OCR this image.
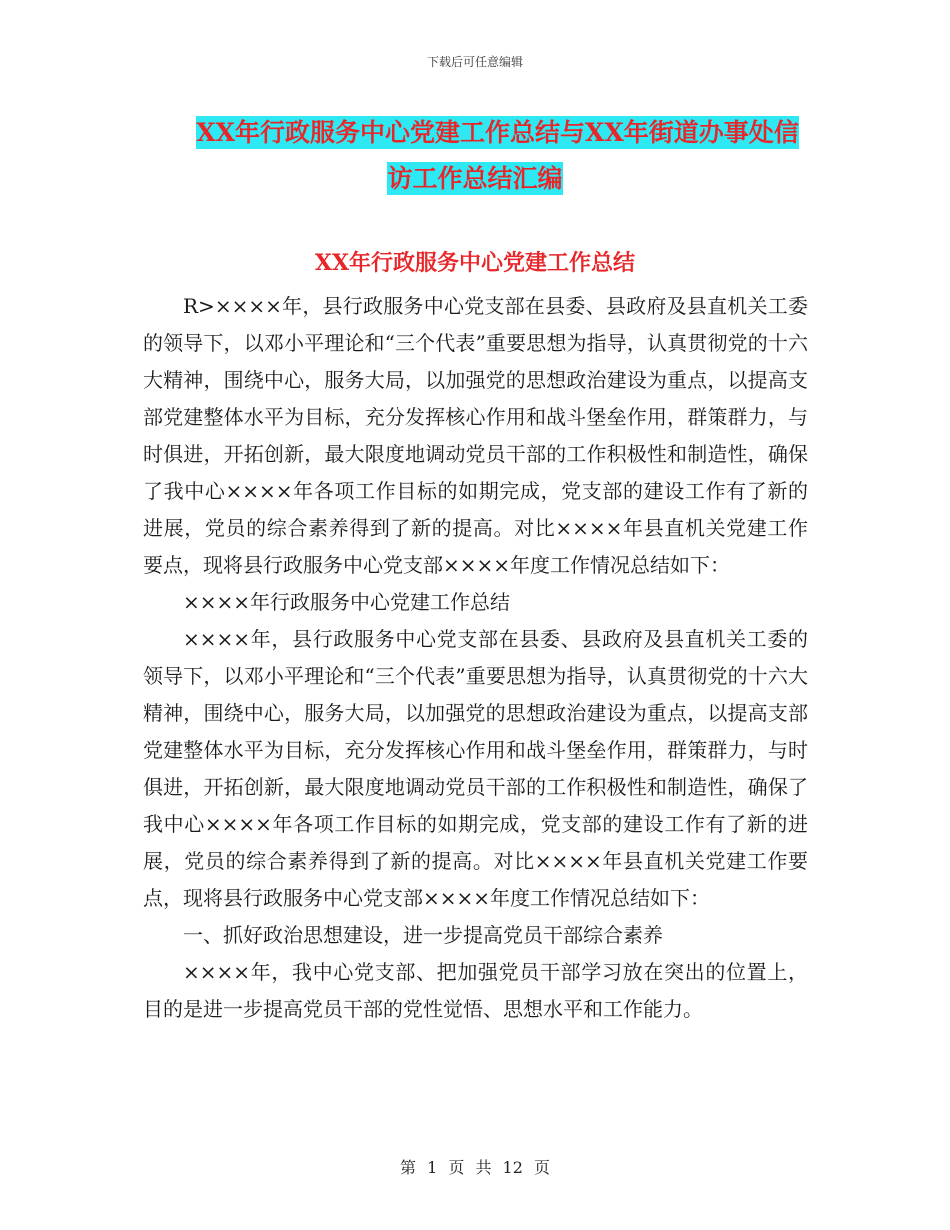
下载后可任意编辑
XX年行政服务中心党建工作总结与XX年街道办事处信
访工作总结汇编
XX年行政服务中心党建工作总结

R>××××年，县行政服务中心党支部在县委、县政府及县直机关工委的领导下，以邓小平理论和“三个代表”重要思想为指导，认真贯彻党的十六大精神，围绕中心，服务大局，以加强党的思想政治建设为重点，以提高支部党建整体水平为目标，充分发挥核心作用和战斗堡垒作用，群策群力，与时俱进，开拓创新，最大限度地调动党员干部的工作积极性和制造性，确保了我中心××××年各项工作目标的如期完成，党支部的建设工作有了新的进展，党员的综合素养得到了新的提高。对比××××年县直机关党建工作要点，现将县行政服务中心党支部××××年度工作情况总结如下：

××××年行政服务中心党建工作总结

××××年，县行政服务中心党支部在县委、县政府及县直机关工委的领导下，以邓小平理论和“三个代表”重要思想为指导，认真贯彻党的十六大精神，围绕中心，服务大局，以加强党的思想政治建设为重点，以提高支部党建整体水平为目标，充分发挥核心作用和战斗堡垒作用，群策群力，与时俱进，开拓创新，最大限度地调动党员干部的工作积极性和制造性，确保了我中心××××年各项工作目标的如期完成，党支部的建设工作有了新的进展，党员的综合素养得到了新的提高。对比××××年县直机关党建工作要点，现将县行政服务中心党支部××××年度工作情况总结如下：

一、抓好政治思想建设，进一步提高党员干部综合素养

××××年，我中心党支部、把加强党员干部学习放在突出的位置上，目的是进一步提高党员干部的党性觉悟、思想水平和工作能力。

第 1 页 共 12 页
